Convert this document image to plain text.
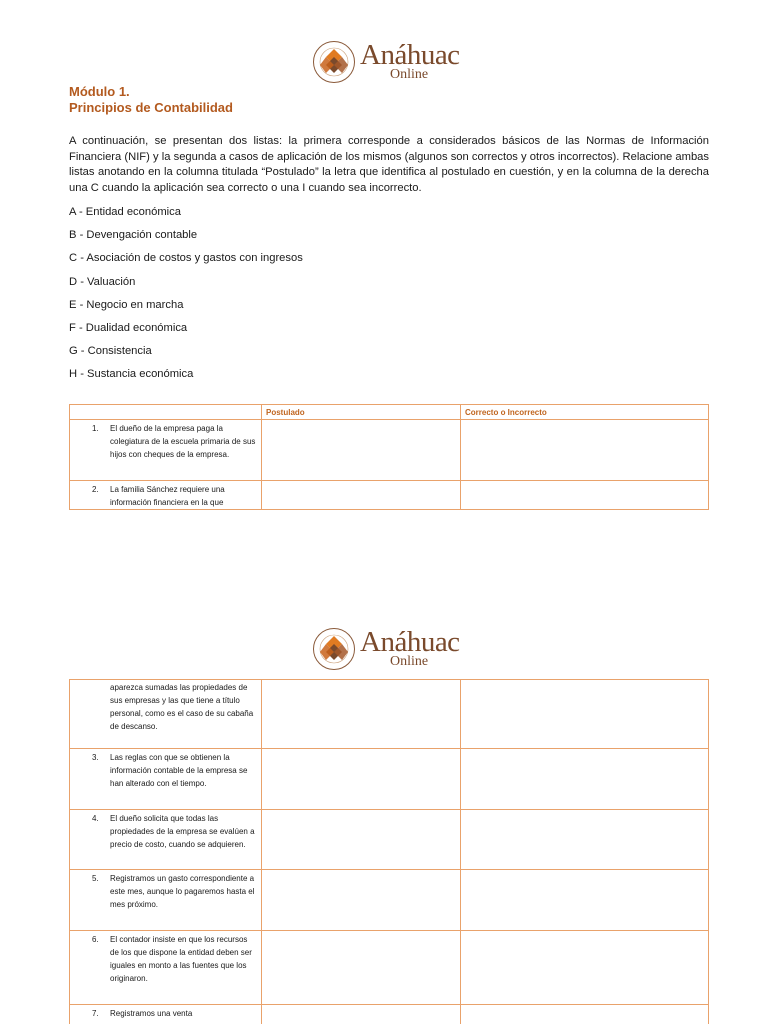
Anáhuac
Online
Módulo 1.
Principios de Contabilidad

A continuación, se presentan dos listas: la primera corresponde a considerados básicos de las Normas de Información Financiera (NIF) y la segunda a casos de aplicación de los mismos (algunos son correctos y otros incorrectos). Relacione ambas listas anotando en la columna titulada “Postulado” la letra que identifica al postulado en cuestión, y en la columna de la derecha una C cuando la aplicación sea correcto o una I cuando sea incorrecto.

A - Entidad económica
B - Devengación contable
C - Asociación de costos y gastos con ingresos
D - Valuación
E - Negocio en marcha
F - Dualidad económica
G - Consistencia
H - Sustancia económica
	Postulado	Correcto o Incorrecto

1. El dueño de la empresa paga la colegiatura de la escuela primaria de sus hijos con cheques de la empresa.		

2. La familia Sánchez requiere una información financiera en la que		

Anáhuac
Online
aparezca sumadas las propiedades de sus empresas y las que tiene a título personal, como es el caso de su cabaña de descanso.		

3. Las reglas con que se obtienen la información contable de la empresa se han alterado con el tiempo.		

4. El dueño solicita que todas las propiedades de la empresa se evalúen a precio de costo, cuando se adquieren.		

5. Registramos un gasto correspondiente a este mes, aunque lo pagaremos hasta el mes próximo.		

6. El contador insiste en que los recursos de los que dispone la entidad deben ser iguales en monto a las fuentes que los originaron.		

7. Registramos una venta		
